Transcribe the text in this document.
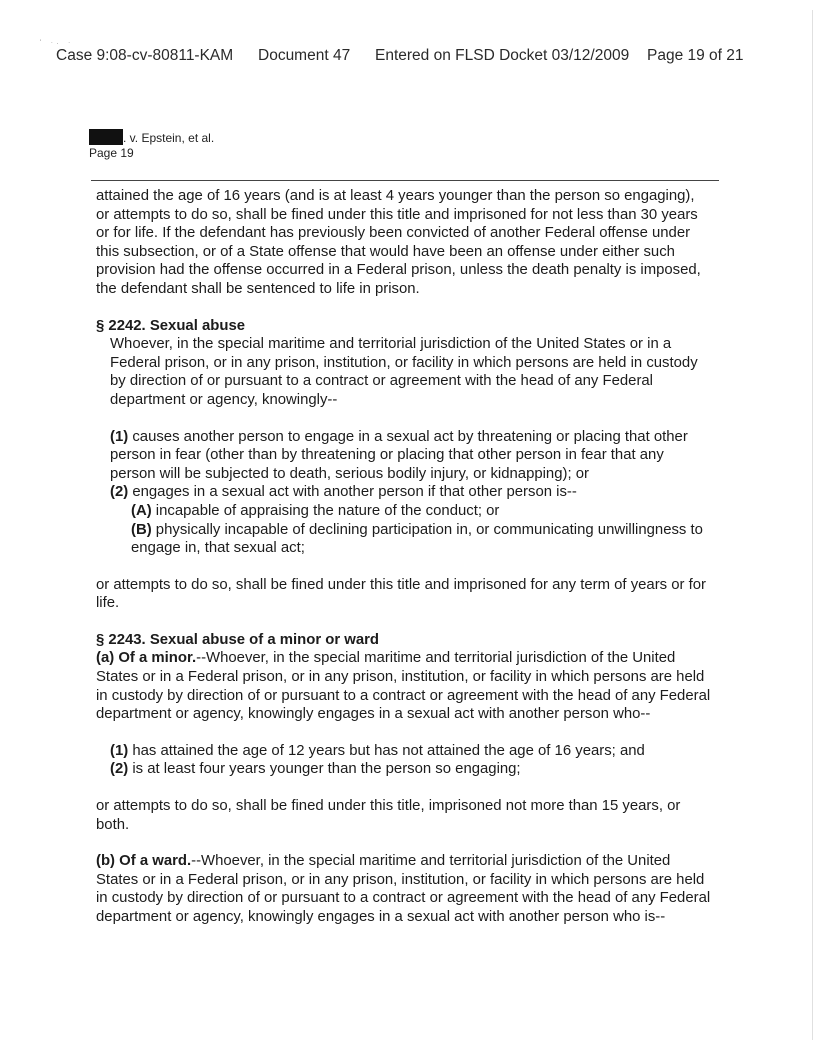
' ·. ·
Case 9:08-cv-80811-KAM Document 47 Entered on FLSD Docket 03/12/2009 Page 19 of 21
. v. Epstein, et al.
Page 19

attained the age of 16 years (and is at least 4 years younger than the person so engaging), or attempts to do so, shall be fined under this title and imprisoned for not less than 30 years or for life. If the defendant has previously been convicted of another Federal offense under this subsection, or of a State offense that would have been an offense under either such provision had the offense occurred in a Federal prison, unless the death penalty is imposed, the defendant shall be sentenced to life in prison.

§ 2242. Sexual abuse

Whoever, in the special maritime and territorial jurisdiction of the United States or in a Federal prison, or in any prison, institution, or facility in which persons are held in custody by direction of or pursuant to a contract or agreement with the head of any Federal department or agency, knowingly--

(1) causes another person to engage in a sexual act by threatening or placing that other person in fear (other than by threatening or placing that other person in fear that any person will be subjected to death, serious bodily injury, or kidnapping); or

(2) engages in a sexual act with another person if that other person is--

(A) incapable of appraising the nature of the conduct; or

(B) physically incapable of declining participation in, or communicating unwillingness to engage in, that sexual act;

or attempts to do so, shall be fined under this title and imprisoned for any term of years or for life.

§ 2243. Sexual abuse of a minor or ward

(a) Of a minor.--Whoever, in the special maritime and territorial jurisdiction of the United States or in a Federal prison, or in any prison, institution, or facility in which persons are held in custody by direction of or pursuant to a contract or agreement with the head of any Federal department or agency, knowingly engages in a sexual act with another person who--

(1) has attained the age of 12 years but has not attained the age of 16 years; and

(2) is at least four years younger than the person so engaging;

or attempts to do so, shall be fined under this title, imprisoned not more than 15 years, or both.

(b) Of a ward.--Whoever, in the special maritime and territorial jurisdiction of the United States or in a Federal prison, or in any prison, institution, or facility in which persons are held in custody by direction of or pursuant to a contract or agreement with the head of any Federal department or agency, knowingly engages in a sexual act with another person who is--
